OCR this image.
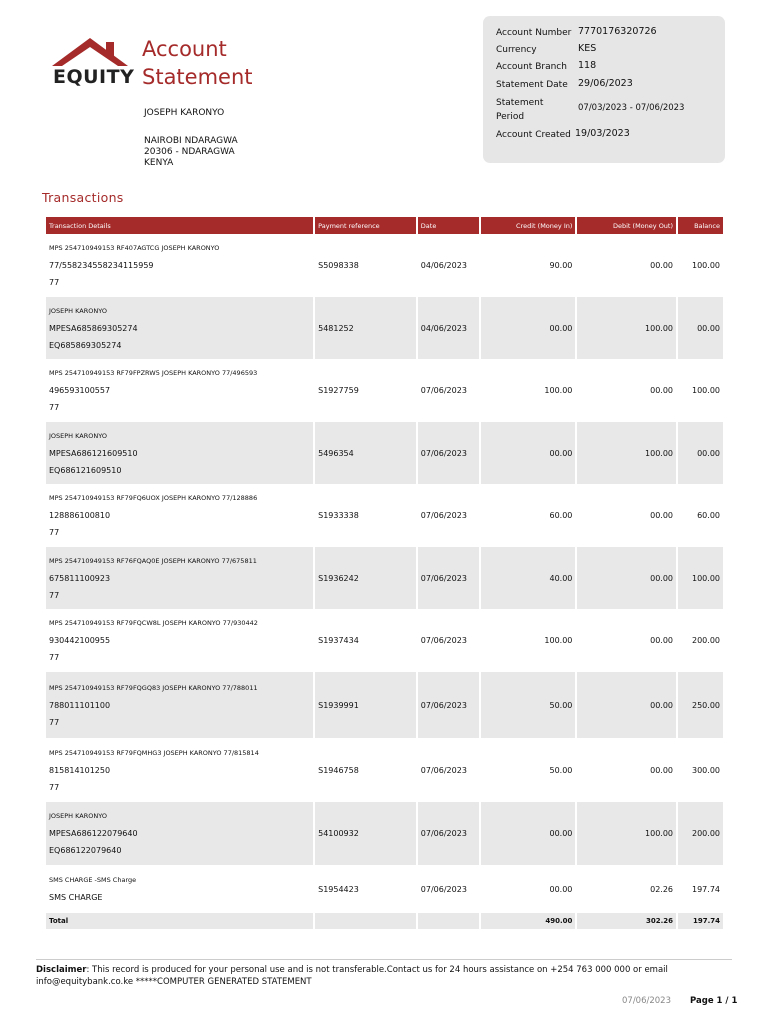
EQUITY
Account
Statement
JOSEPH KARONYO
NAIROBI NDARAGWA
20306 - NDARAGWA
KENYA
Account Number 7770176320726
Currency	KES
Account Branch	118
Statement Date	29/06/2023
Statement
Period
07/03/2023 - 07/06/2023
Account Created 19/03/2023
Transactions
Transaction Details	Payment reference	Date	Credit (Money In)	Debit (Money Out)	Balance

MPS 254710949153 RF407AGTCG JOSEPH KARONYO
77/558234558234115959
77	S5098338	04/06/2023	90.00	00.00	100.00

JOSEPH KARONYO
MPESA685869305274
EQ685869305274	5481252	04/06/2023	00.00	100.00	00.00

MPS 254710949153 RF79FPZRW5 JOSEPH KARONYO 77/496593
496593100557
77	S1927759	07/06/2023	100.00	00.00	100.00

JOSEPH KARONYO
MPESA686121609510
EQ686121609510	5496354	07/06/2023	00.00	100.00	00.00

MPS 254710949153 RF79FQ6UOX JOSEPH KARONYO 77/128886
128886100810
77	S1933338	07/06/2023	60.00	00.00	60.00

MPS 254710949153 RF76FQAQ0E JOSEPH KARONYO 77/675811
675811100923
77	S1936242	07/06/2023	40.00	00.00	100.00

MPS 254710949153 RF79FQCW8L JOSEPH KARONYO 77/930442
930442100955
77	S1937434	07/06/2023	100.00	00.00	200.00

MPS 254710949153 RF79FQGQ83 JOSEPH KARONYO 77/788011
788011101100
77	S1939991	07/06/2023	50.00	00.00	250.00

MPS 254710949153 RF79FQMHG3 JOSEPH KARONYO 77/815814
815814101250
77	S1946758	07/06/2023	50.00	00.00	300.00

JOSEPH KARONYO
MPESA686122079640
EQ686122079640	54100932	07/06/2023	00.00	100.00	200.00

SMS CHARGE -SMS Charge
SMS CHARGE	S1954423	07/06/2023	00.00	02.26	197.74
Total			490.00	302.26	197.74
Disclaimer: This record is produced for your personal use and is not transferable.Contact us for 24 hours assistance on +254 763 000 000 or email info@equitybank.co.ke *****COMPUTER GENERATED STATEMENT
07/06/2023 Page 1 / 1
